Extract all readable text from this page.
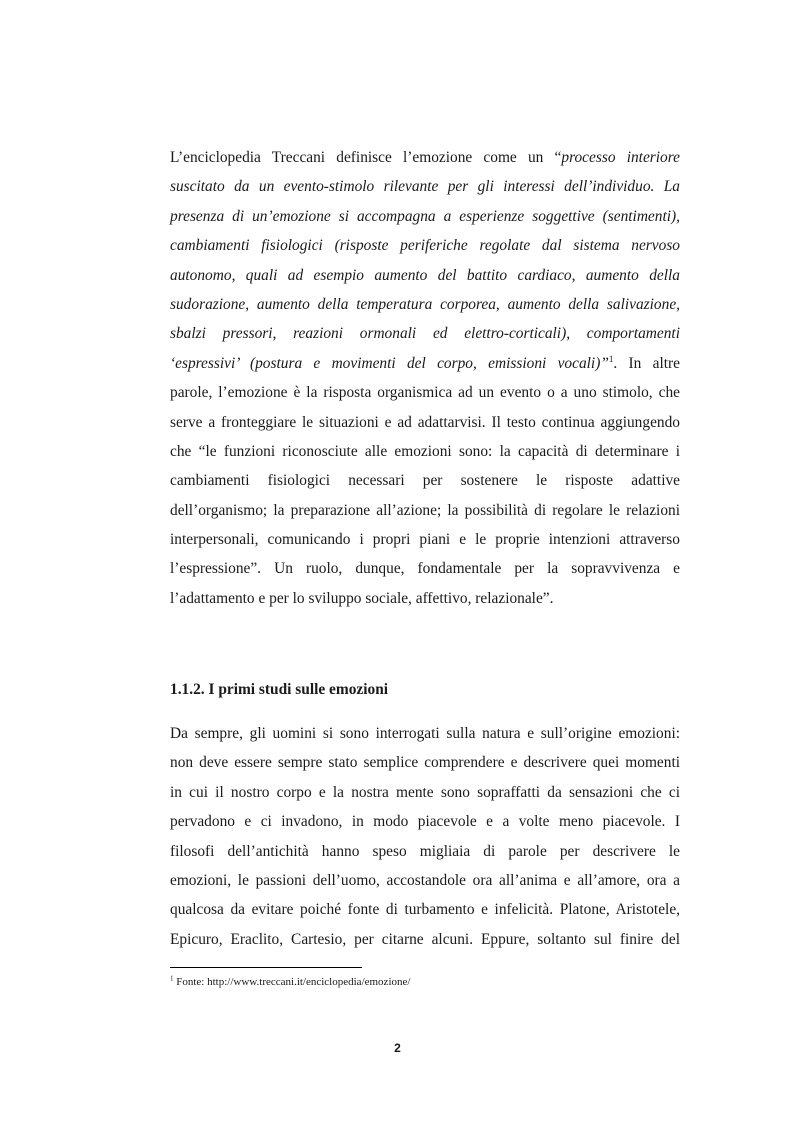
L’enciclopedia Treccani definisce l’emozione come un “processo interiore
suscitato da un evento-stimolo rilevante per gli interessi dell’individuo. La
presenza di un’emozione si accompagna a esperienze soggettive (sentimenti),
cambiamenti fisiologici (risposte periferiche regolate dal sistema nervoso
autonomo, quali ad esempio aumento del battito cardiaco, aumento della
sudorazione, aumento della temperatura corporea, aumento della salivazione,
sbalzi pressori, reazioni ormonali ed elettro-corticali), comportamenti
‘espressivi’ (postura e movimenti del corpo, emissioni vocali)”$^1$. In altre
parole, l’emozione è la risposta organismica ad un evento o a uno stimolo, che
serve a fronteggiare le situazioni e ad adattarvisi. Il testo continua aggiungendo
che “le funzioni riconosciute alle emozioni sono: la capacità di determinare i
cambiamenti fisiologici necessari per sostenere le risposte adattive
dell’organismo; la preparazione all’azione; la possibilità di regolare le relazioni
interpersonali, comunicando i propri piani e le proprie intenzioni attraverso
l’espressione”. Un ruolo, dunque, fondamentale per la sopravvivenza e
l’adattamento e per lo sviluppo sociale, affettivo, relazionale”.
1.1.2. I primi studi sulle emozioni
Da sempre, gli uomini si sono interrogati sulla natura e sull’origine emozioni:
non deve essere sempre stato semplice comprendere e descrivere quei momenti
in cui il nostro corpo e la nostra mente sono sopraffatti da sensazioni che ci
pervadono e ci invadono, in modo piacevole e a volte meno piacevole. I
filosofi dell’antichità hanno speso migliaia di parole per descrivere le
emozioni, le passioni dell’uomo, accostandole ora all’anima e all’amore, ora a
qualcosa da evitare poiché fonte di turbamento e infelicità. Platone, Aristotele,
Epicuro, Eraclito, Cartesio, per citarne alcuni. Eppure, soltanto sul finire del
$^1$ Fonte: http://www.treccani.it/enciclopedia/emozione/
2
